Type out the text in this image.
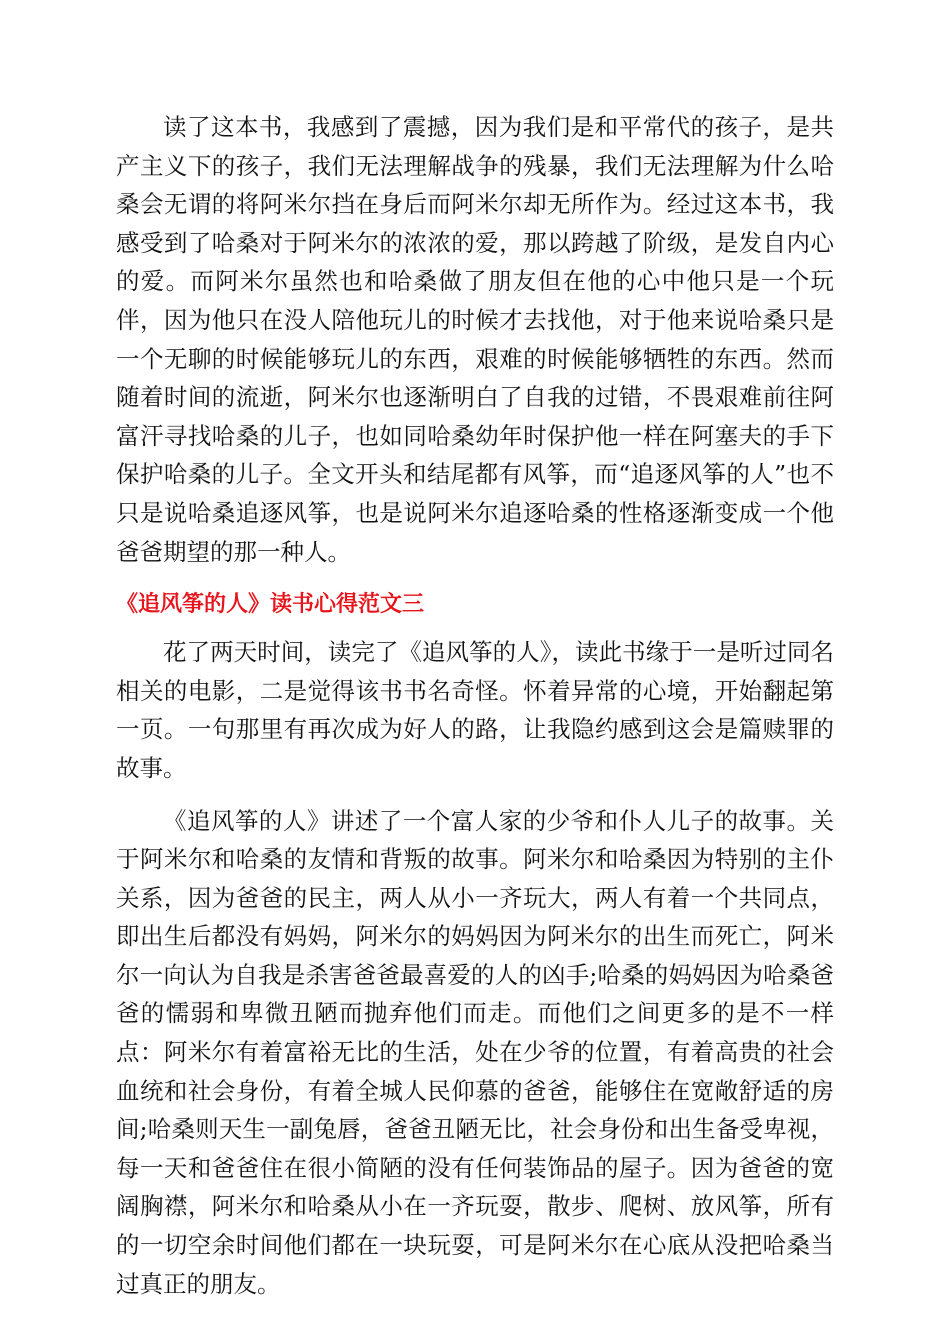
读了这本书，我感到了震撼，因为我们是和平常代的孩子，是共产主义下的孩子，我们无法理解战争的残暴，我们无法理解为什么哈桑会无谓的将阿米尔挡在身后而阿米尔却无所作为。经过这本书，我感受到了哈桑对于阿米尔的浓浓的爱，那以跨越了阶级，是发自内心的爱。而阿米尔虽然也和哈桑做了朋友但在他的心中他只是一个玩伴，因为他只在没人陪他玩儿的时候才去找他，对于他来说哈桑只是一个无聊的时候能够玩儿的东西，艰难的时候能够牺牲的东西。然而随着时间的流逝，阿米尔也逐渐明白了自我的过错，不畏艰难前往阿富汗寻找哈桑的儿子，也如同哈桑幼年时保护他一样在阿塞夫的手下保护哈桑的儿子。全文开头和结尾都有风筝，而“追逐风筝的人”也不只是说哈桑追逐风筝，也是说阿米尔追逐哈桑的性格逐渐变成一个他爸爸期望的那一种人。

《追风筝的人》读书心得范文三

花了两天时间，读完了《追风筝的人》，读此书缘于一是听过同名相关的电影，二是觉得该书书名奇怪。怀着异常的心境，开始翻起第一页。一句那里有再次成为好人的路，让我隐约感到这会是篇赎罪的故事。

《追风筝的人》讲述了一个富人家的少爷和仆人儿子的故事。关于阿米尔和哈桑的友情和背叛的故事。阿米尔和哈桑因为特别的主仆关系，因为爸爸的民主，两人从小一齐玩大，两人有着一个共同点，即出生后都没有妈妈，阿米尔的妈妈因为阿米尔的出生而死亡，阿米尔一向认为自我是杀害爸爸最喜爱的人的凶手;哈桑的妈妈因为哈桑爸爸的懦弱和卑微丑陋而抛弃他们而走。而他们之间更多的是不一样点：阿米尔有着富裕无比的生活，处在少爷的位置，有着高贵的社会血统和社会身份，有着全城人民仰慕的爸爸，能够住在宽敞舒适的房间;哈桑则天生一副兔唇，爸爸丑陋无比，社会身份和出生备受卑视，每一天和爸爸住在很小简陋的没有任何装饰品的屋子。因为爸爸的宽阔胸襟，阿米尔和哈桑从小在一齐玩耍，散步、爬树、放风筝，所有的一切空余时间他们都在一块玩耍，可是阿米尔在心底从没把哈桑当过真正的朋友。
